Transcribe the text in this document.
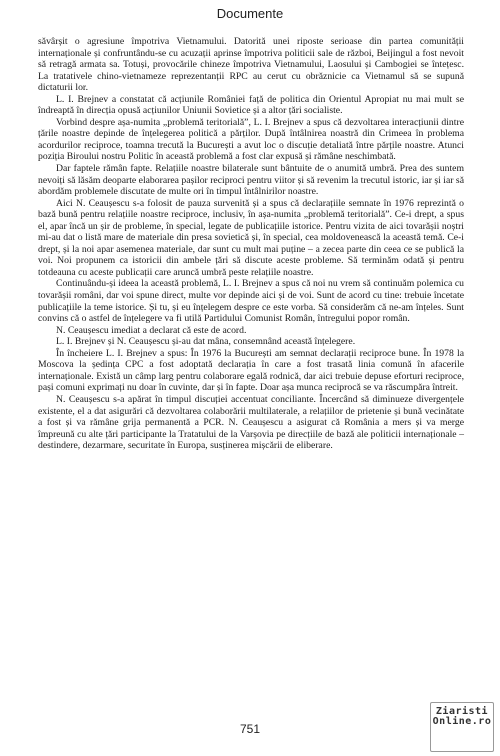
Documente

săvârșit o agresiune împotriva Vietnamului. Datorită unei riposte serioase din partea comunității internaționale și confruntându-se cu acuzații aprinse împotriva politicii sale de război, Beijingul a fost nevoit să retragă armata sa. Totuși, provocările chineze împotriva Vietnamului, Laosului și Cambogiei se întețesc. La tratativele chino-vietnameze reprezentanții RPC au cerut cu obrăznicie ca Vietnamul să se supună dictaturii lor.

L. I. Brejnev a constatat că acțiunile României față de politica din Orientul Apropiat nu mai mult se îndreaptă în direcția opusă acțiunilor Uniunii Sovietice și a altor țări socialiste.

Vorbind despre așa-numita „problemă teritorială”, L. I. Brejnev a spus că dezvoltarea interacțiunii dintre țările noastre depinde de înțelegerea politică a părților. După întâlnirea noastră din Crimeea în problema acordurilor reciproce, toamna trecută la București a avut loc o discuție detaliată între părțile noastre. Atunci poziția Biroului nostru Politic în această problemă a fost clar expusă și rămâne neschimbată.

Dar faptele rămân fapte. Relațiile noastre bilaterale sunt bântuite de o anumită umbră. Prea des suntem nevoiți să lăsăm deoparte elaborarea pașilor reciproci pentru viitor și să revenim la trecutul istoric, iar și iar să abordăm problemele discutate de multe ori în timpul întâlnirilor noastre.

Aici N. Ceaușescu s-a folosit de pauza survenită și a spus că declarațiile semnate în 1976 reprezintă o bază bună pentru relațiile noastre reciproce, inclusiv, în așa-numita „problemă teritorială”. Ce-i drept, a spus el, apar încă un șir de probleme, în special, legate de publicațiile istorice. Pentru vizita de aici tovarășii noștri mi-au dat o listă mare de materiale din presa sovietică și, în special, cea moldovenească la această temă. Ce-i drept, și la noi apar asemenea materiale, dar sunt cu mult mai puține – a zecea parte din ceea ce se publică la voi. Noi propunem ca istoricii din ambele țări să discute aceste probleme. Să terminăm odată și pentru totdeauna cu aceste publicații care aruncă umbră peste relațiile noastre.

Continuându-și ideea la această problemă, L. I. Brejnev a spus că noi nu vrem să continuăm polemica cu tovarășii români, dar voi spune direct, multe vor depinde aici și de voi. Sunt de acord cu tine: trebuie încetate publicațiile la teme istorice. Și tu, și eu înțelegem despre ce este vorba. Să considerăm că ne-am înțeles. Sunt convins că o astfel de înțelegere va fi utilă Partidului Comunist Român, întregului popor român.

N. Ceaușescu imediat a declarat că este de acord.

L. I. Brejnev și N. Ceaușescu și-au dat mâna, consemnând această înțelegere.

În încheiere L. I. Brejnev a spus: În 1976 la București am semnat declarații reciproce bune. În 1978 la Moscova la ședința CPC a fost adoptată declarația în care a fost trasată linia comună în afacerile internaționale. Există un câmp larg pentru colaborare egală rodnică, dar aici trebuie depuse eforturi reciproce, pași comuni exprimați nu doar în cuvinte, dar și în fapte. Doar așa munca reciprocă se va răscumpăra întreit.

N. Ceaușescu s-a apărat în timpul discuției accentuat conciliante. Încercând să diminueze divergențele existente, el a dat asigurări că dezvoltarea colaborării multilaterale, a relațiilor de prietenie și bună vecinătate a fost și va rămâne grija permanentă a PCR. N. Ceaușescu a asigurat că România a mers și va merge împreună cu alte țări participante la Tratatului de la Varșovia pe direcțiile de bază ale politicii internaționale – destindere, dezarmare, securitate în Europa, susținerea mișcării de eliberare.

751
Ziaristi
Online.ro
